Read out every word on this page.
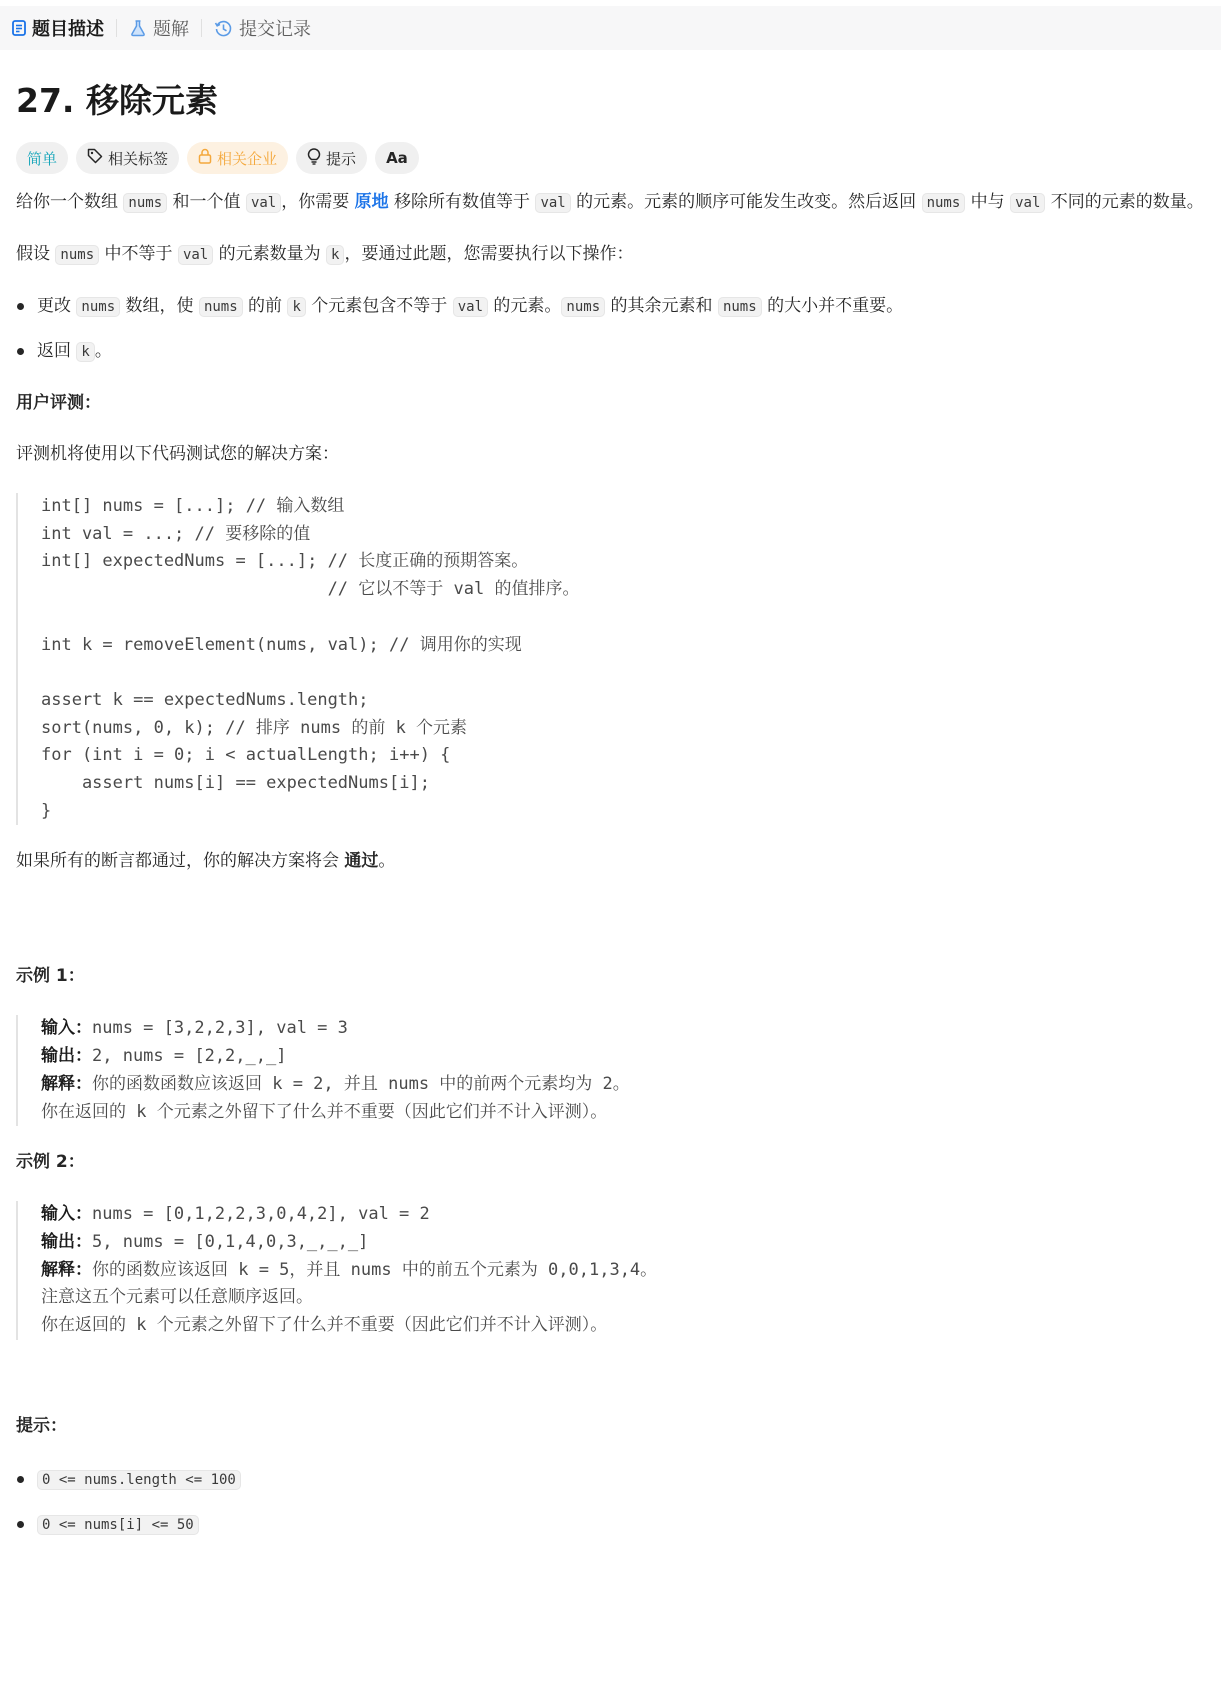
题目描述	题解	提交记录
27. 移除元素
简单	相关标签	相关企业	提示 Aa

给你一个数组 nums 和一个值 val ，你需要 原地 移除所有数值等于 val 的元素。元素的顺序可能发生改变。然后返回 nums 中与 val 不同的元素的数量。

假设 nums 中不等于 val 的元素数量为 k ，要通过此题，您需要执行以下操作：

更改 nums 数组，使 nums 的前 k 个元素包含不等于 val 的元素。 nums 的其余元素和 nums 的大小并不重要。
返回 k 。
用户评测：

评测机将使用以下代码测试您的解决方案：

int[] nums = [...]; // 输入数组
int val = ...; // 要移除的值
int[] expectedNums = [...]; // 长度正确的预期答案。
// 它以不等于 val 的值排序。

int k = removeElement(nums, val); // 调用你的实现

assert k == expectedNums.length;
sort(nums, 0, k); // 排序 nums 的前 k 个元素
for (int i = 0; i < actualLength; i++) {
assert nums[i] == expectedNums[i];
}

如果所有的断言都通过，你的解决方案将会 通过。

示例 1：
输入：nums = [3,2,2,3], val = 3
输出：2, nums = [2,2,_,_]
解释：你的函数函数应该返回 k = 2, 并且 nums 中的前两个元素均为 2。
你在返回的 k 个元素之外留下了什么并不重要（因此它们并不计入评测）。
示例 2：
输入：nums = [0,1,2,2,3,0,4,2], val = 2
输出：5, nums = [0,1,4,0,3,_,_,_]
解释：你的函数应该返回 k = 5，并且 nums 中的前五个元素为 0,0,1,3,4。
注意这五个元素可以任意顺序返回。
你在返回的 k 个元素之外留下了什么并不重要（因此它们并不计入评测）。
提示：
0 <= nums.length <= 100
0 <= nums[i] <= 50
